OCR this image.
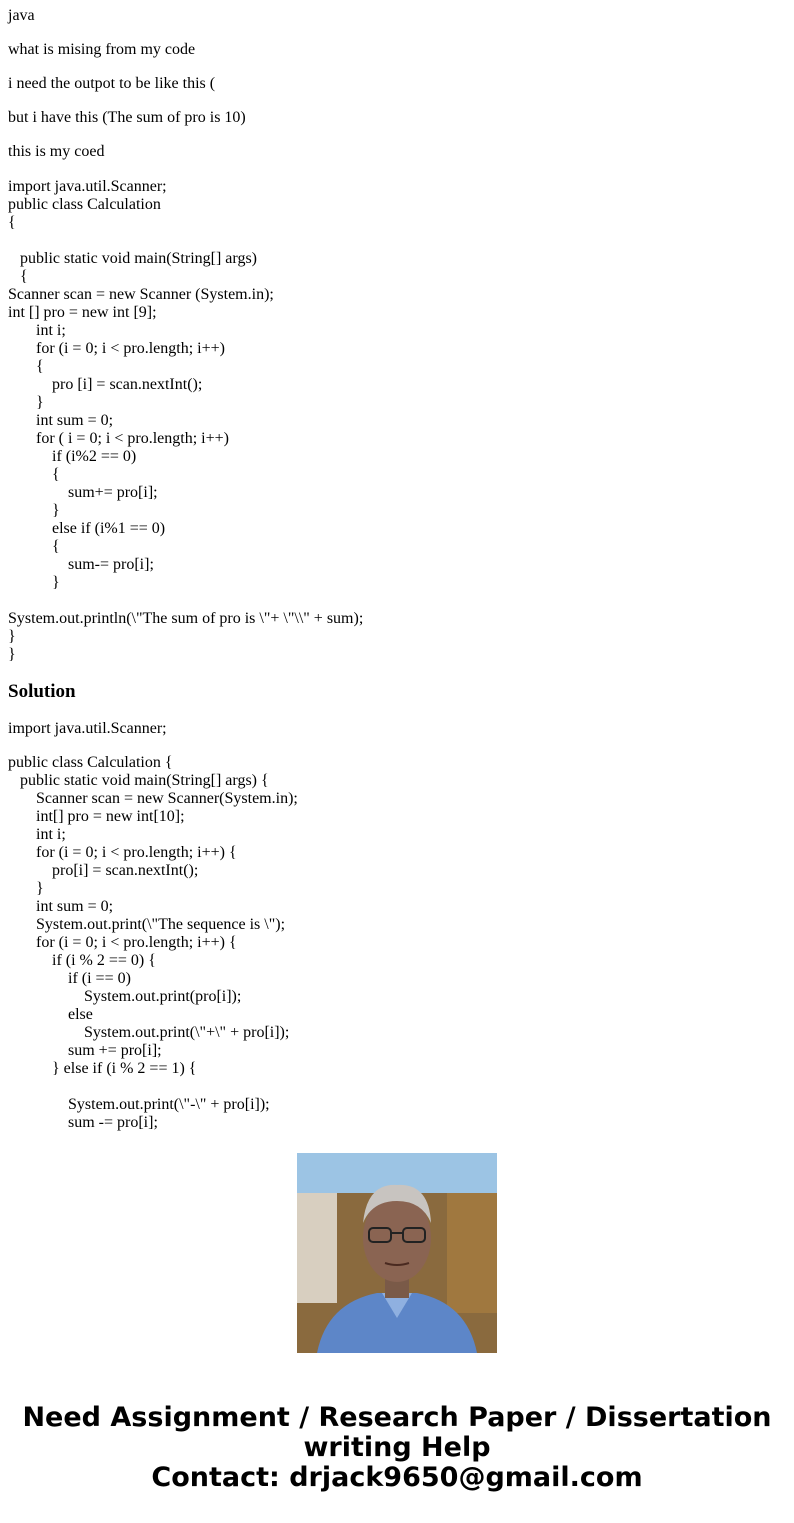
java

what is mising from my code

i need the outpot to be like this (

but i have this (The sum of pro is 10)

this is my coed

import java.util.Scanner;
public class Calculation
{
public static void main(String[] args)
{
Scanner scan = new Scanner (System.in);
int [] pro = new int [9];
int i;
for (i = 0; i < pro.length; i++)
{
pro [i] = scan.nextInt();
}
int sum = 0;
for ( i = 0; i < pro.length; i++)
if (i%2 == 0)
{
sum+= pro[i];
}
else if (i%1 == 0)
{
sum-= pro[i];
}
System.out.println(\"The sum of pro is \"+ \"\\" + sum);
}
}
Solution

import java.util.Scanner;

public class Calculation {
public static void main(String[] args) {
Scanner scan = new Scanner(System.in);
int[] pro = new int[10];
int i;
for (i = 0; i < pro.length; i++) {
pro[i] = scan.nextInt();
}
int sum = 0;
System.out.print(\"The sequence is \");
for (i = 0; i < pro.length; i++) {
if (i % 2 == 0) {
if (i == 0)
System.out.print(pro[i]);
else
System.out.print(\"+\" + pro[i]);
sum += pro[i];
} else if (i % 2 == 1) {
System.out.print(\"-\" + pro[i]);
sum -= pro[i];
Need Assignment / Research Paper / Dissertation
writing Help
Contact: drjack9650@gmail.com
